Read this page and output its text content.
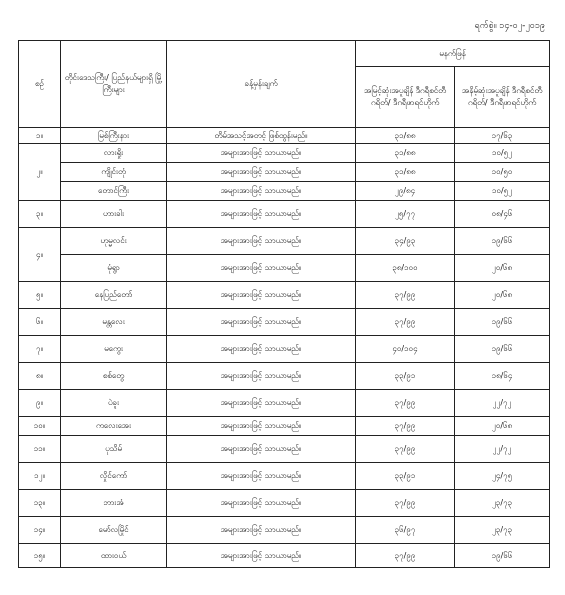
ရက်စွဲ။ ၁၄-၀၂-၂၀၁၉
စဉ်	တိုင်းဒေသကြီး/ ပြည်နယ်များရှိ မြို့ကြီးများ	ခန့်မှန်းချက်	မနက်ဖြန်	
			အမြင့်ဆုံးအပူချိန် ဒီဂရီစင်တီဂရိတ်/ ဒီဂရီဖာရင်ဟိုက်	အနိမ့်ဆုံးအပူချိန် ဒီဂရီစင်တီဂရိတ်/ ဒီဂရီဖာရင်ဟိုက်
၁။	မြစ်ကြီးနား	တိမ်အသင့်အတင့် ဖြစ်ထွန်းမည်။	၃၁/၈၈	၁၇/၆၃
၂။	လားရှိုး	အများအားဖြင့် သာယာမည်။	၃၁/၈၈	၁၀/၅၂
	ကျိုင်းတုံ	အများအားဖြင့် သာယာမည်။	၃၁/၈၈	၁၀/၅၀
	တောင်ကြီး	အများအားဖြင့် သာယာမည်။	၂၉/၈၄	၁၀/၅၂
၃။	ဟားခါး	အများအားဖြင့် သာယာမည်။	၂၅/၇၇	၀၈/၄၆
၄။	ဟုမ္မလင်း	အများအားဖြင့် သာယာမည်။	၃၄/၉၃	၁၉/၆၆
	မုံရွာ	အများအားဖြင့် သာယာမည်။	၃၈/၁၀၀	၂၀/၆၈
၅။	နေပြည်တော်	အများအားဖြင့် သာယာမည်။	၃၇/၉၉	၂၀/၆၈
၆။	မန္တလေး	အများအားဖြင့် သာယာမည်။	၃၇/၉၉	၁၉/၆၆
၇။	မကွေး	အများအားဖြင့် သာယာမည်။	၄၀/၁၀၄	၁၉/၆၆
၈။	စစ်တွေ	အများအားဖြင့် သာယာမည်။	၃၃/၉၁	၁၈/၆၄
၉။	ပဲခူး	အများအားဖြင့် သာယာမည်။	၃၇/၉၉	၂၂/၇၂
၁၀။	ကလေးအေး	အများအားဖြင့် သာယာမည်။	၃၇/၉၉	၂၀/၆၈
၁၁။	ပုသိမ်	အများအားဖြင့် သာယာမည်။	၃၇/၉၉	၂၂/၇၂
၁၂။	လှိုင်ကော်	အများအားဖြင့် သာယာမည်။	၃၃/၉၁	၂၄/၇၅
၁၃။	ဘားအံ	အများအားဖြင့် သာယာမည်။	၃၇/၉၉	၂၃/၇၃
၁၄။	မော်လမြိုင်	အများအားဖြင့် သာယာမည်။	၃၆/၉၇	၂၃/၇၃
၁၅။	ထားဝယ်	အများအားဖြင့် သာယာမည်။	၃၇/၉၉	၁၉/၆၆
